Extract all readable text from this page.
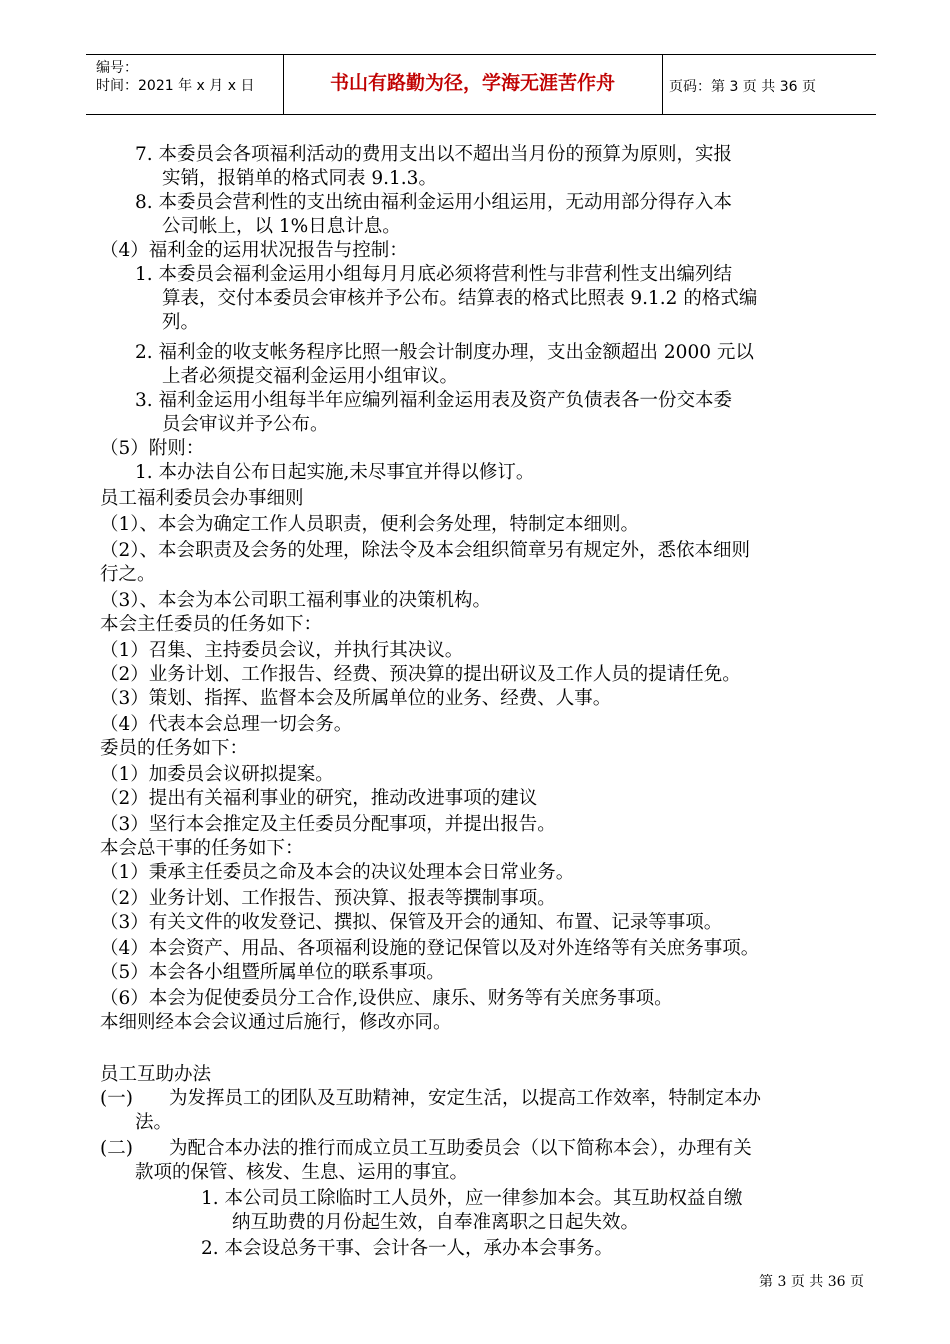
编号：
时间：2021 年 x 月 x 日	书山有路勤为径，学海无涯苦作舟	页码：第 3 页 共 36 页
7. 本委员会各项福利活动的费用支出以不超出当月份的预算为原则，实报
实销，报销单的格式同表 9.1.3。
8. 本委员会营利性的支出统由福利金运用小组运用，无动用部分得存入本
公司帐上，以 1%日息计息。
（4）福利金的运用状况报告与控制：
1. 本委员会福利金运用小组每月月底必须将营利性与非营利性支出编列结
算表，交付本委员会审核并予公布。结算表的格式比照表 9.1.2 的格式编
列。
2. 福利金的收支帐务程序比照一般会计制度办理，支出金额超出 2000 元以
上者必须提交福利金运用小组审议。
3. 福利金运用小组每半年应编列福利金运用表及资产负债表各一份交本委
员会审议并予公布。
（5）附则：
1. 本办法自公布日起实施,未尽事宜并得以修订。
员工福利委员会办事细则
（1）、本会为确定工作人员职责，便利会务处理，特制定本细则。
（2）、本会职责及会务的处理，除法令及本会组织简章另有规定外，悉依本细则
行之。
（3）、本会为本公司职工福利事业的决策机构。
本会主任委员的任务如下：
（1）召集、主持委员会议，并执行其决议。
（2）业务计划、工作报告、经费、预决算的提出研议及工作人员的提请任免。
（3）策划、指挥、监督本会及所属单位的业务、经费、人事。
（4）代表本会总理一切会务。
委员的任务如下：
（1）加委员会议研拟提案。
（2）提出有关福利事业的研究，推动改进事项的建议
（3）坚行本会推定及主任委员分配事项，并提出报告。
本会总干事的任务如下：
（1）秉承主任委员之命及本会的决议处理本会日常业务。
（2）业务计划、工作报告、预决算、报表等撰制事项。
（3）有关文件的收发登记、撰拟、保管及开会的通知、布置、记录等事项。
（4）本会资产、用品、各项福利设施的登记保管以及对外连络等有关庶务事项。
（5）本会各小组暨所属单位的联系事项。
（6）本会为促使委员分工合作,设供应、康乐、财务等有关庶务事项。
本细则经本会会议通过后施行，修改亦同。
员工互助办法
(一) 为发挥员工的团队及互助精神，安定生活，以提高工作效率，特制定本办
法。
(二) 为配合本办法的推行而成立员工互助委员会（以下简称本会），办理有关
款项的保管、核发、生息、运用的事宜。
1. 本公司员工除临时工人员外，应一律参加本会。其互助权益自缴
纳互助费的月份起生效，自奉准离职之日起失效。
2. 本会设总务干事、会计各一人，承办本会事务。
第 3 页 共 36 页
